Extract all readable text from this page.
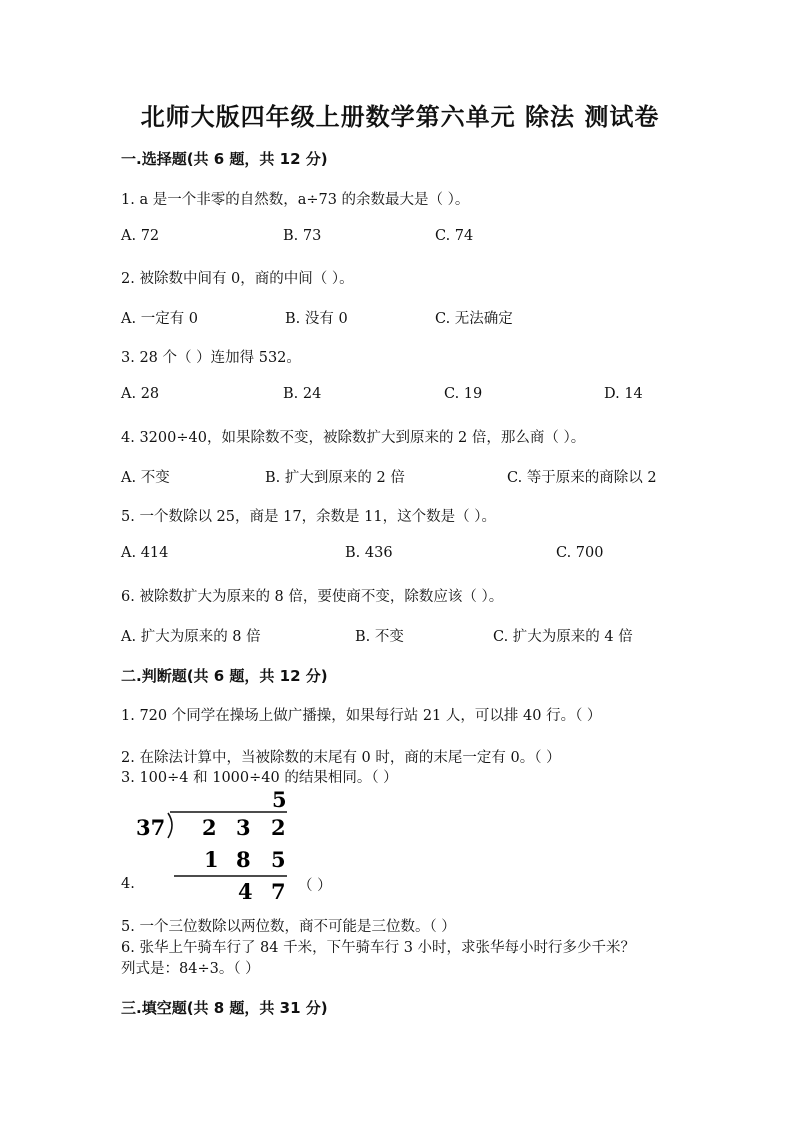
北师大版四年级上册数学第六单元 除法 测试卷
一.选择题(共 6 题，共 12 分)
1. a 是一个非零的自然数，a÷73 的余数最大是（ ）。
A. 72	B. 73	C. 74
2. 被除数中间有 0，商的中间（ ）。
A. 一定有 0	B. 没有 0	C. 无法确定
3. 28 个（ ）连加得 532。
A. 28	B. 24	C. 19	D. 14
4. 3200÷40，如果除数不变，被除数扩大到原来的 2 倍，那么商（ ）。
A. 不变	B. 扩大到原来的 2 倍	C. 等于原来的商除以 2
5. 一个数除以 25，商是 17，余数是 11，这个数是（ ）。
A. 414	B. 436	C. 700
6. 被除数扩大为原来的 8 倍，要使商不变，除数应该（ ）。
A. 扩大为原来的 8 倍	B. 不变	C. 扩大为原来的 4 倍
二.判断题(共 6 题，共 12 分)
1. 720 个同学在操场上做广播操，如果每行站 21 人，可以排 40 行。（ ）
2. 在除法计算中，当被除数的末尾有 0 时，商的末尾一定有 0。（ ）
3. 100÷4 和 1000÷40 的结果相同。（ ）
5
37 2 3 2
1 8 5
4 7
4.	（ ）
5. 一个三位数除以两位数，商不可能是三位数。（ ）
6. 张华上午骑车行了 84 千米，下午骑车行 3 小时，求张华每小时行多少千米？
列式是：84÷3。（ ）
三.填空题(共 8 题，共 31 分)
